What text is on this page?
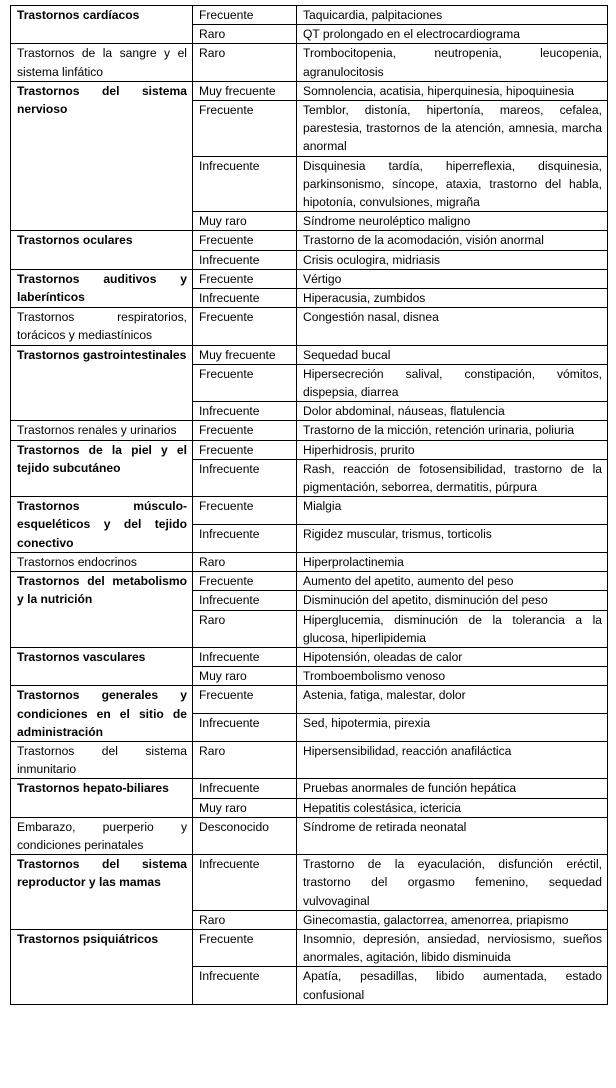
Trastornos cardíacos	Frecuente	Taquicardia, palpitaciones
	Raro	QT prolongado en el electrocardiograma
Trastornos de la sangre y el sistema linfático	Raro	Trombocitopenia, neutropenia, leucopenia, agranulocitosis
Trastornos del sistema nervioso	Muy frecuente	Somnolencia, acatisia, hiperquinesia, hipoquinesia
	Frecuente	Temblor, distonía, hipertonía, mareos, cefalea, parestesia, trastornos de la atención, amnesia, marcha anormal
	Infrecuente	Disquinesia tardía, hiperreflexia, disquinesia, parkinsonismo, síncope, ataxia, trastorno del habla, hipotonía, convulsiones, migraña
	Muy raro	Síndrome neuroléptico maligno
Trastornos oculares	Frecuente	Trastorno de la acomodación, visión anormal
	Infrecuente	Crisis oculogira, midriasis
Trastornos auditivos y laberínticos	Frecuente	Vértigo
	Infrecuente	Hiperacusia, zumbidos
Trastornos respiratorios, torácicos y mediastínicos	Frecuente	Congestión nasal, disnea
Trastornos gastrointestinales	Muy frecuente	Sequedad bucal
	Frecuente	Hipersecreción salival, constipación, vómitos, dispepsia, diarrea
	Infrecuente	Dolor abdominal, náuseas, flatulencia
Trastornos renales y urinarios	Frecuente	Trastorno de la micción, retención urinaria, poliuria
Trastornos de la piel y el tejido subcutáneo	Frecuente	Hiperhidrosis, prurito
	Infrecuente	Rash, reacción de fotosensibilidad, trastorno de la pigmentación, seborrea, dermatitis, púrpura
Trastornos músculo-esqueléticos y del tejido conectivo	Frecuente	Mialgia
	Infrecuente	Rigidez muscular, trismus, torticolis
Trastornos endocrinos	Raro	Hiperprolactinemia
Trastornos del metabolismo y la nutrición	Frecuente	Aumento del apetito, aumento del peso
	Infrecuente	Disminución del apetito, disminución del peso
	Raro	Hiperglucemia, disminución de la tolerancia a la glucosa, hiperlipidemia
Trastornos vasculares	Infrecuente	Hipotensión, oleadas de calor
	Muy raro	Tromboembolismo venoso
Trastornos generales y condiciones en el sitio de administración	Frecuente	Astenia, fatiga, malestar, dolor
	Infrecuente	Sed, hipotermia, pirexia
Trastornos del sistema inmunitario	Raro	Hipersensibilidad, reacción anafiláctica
Trastornos hepato-biliares	Infrecuente	Pruebas anormales de función hepática
	Muy raro	Hepatitis colestásica, ictericia
Embarazo, puerperio y condiciones perinatales	Desconocido	Síndrome de retirada neonatal
Trastornos del sistema reproductor y las mamas	Infrecuente	Trastorno de la eyaculación, disfunción eréctil, trastorno del orgasmo femenino, sequedad vulvovaginal
	Raro	Ginecomastia, galactorrea, amenorrea, priapismo
Trastornos psiquiátricos	Frecuente	Insomnio, depresión, ansiedad, nerviosismo, sueños anormales, agitación, libido disminuida
	Infrecuente	Apatía, pesadillas, libido aumentada, estado confusional
